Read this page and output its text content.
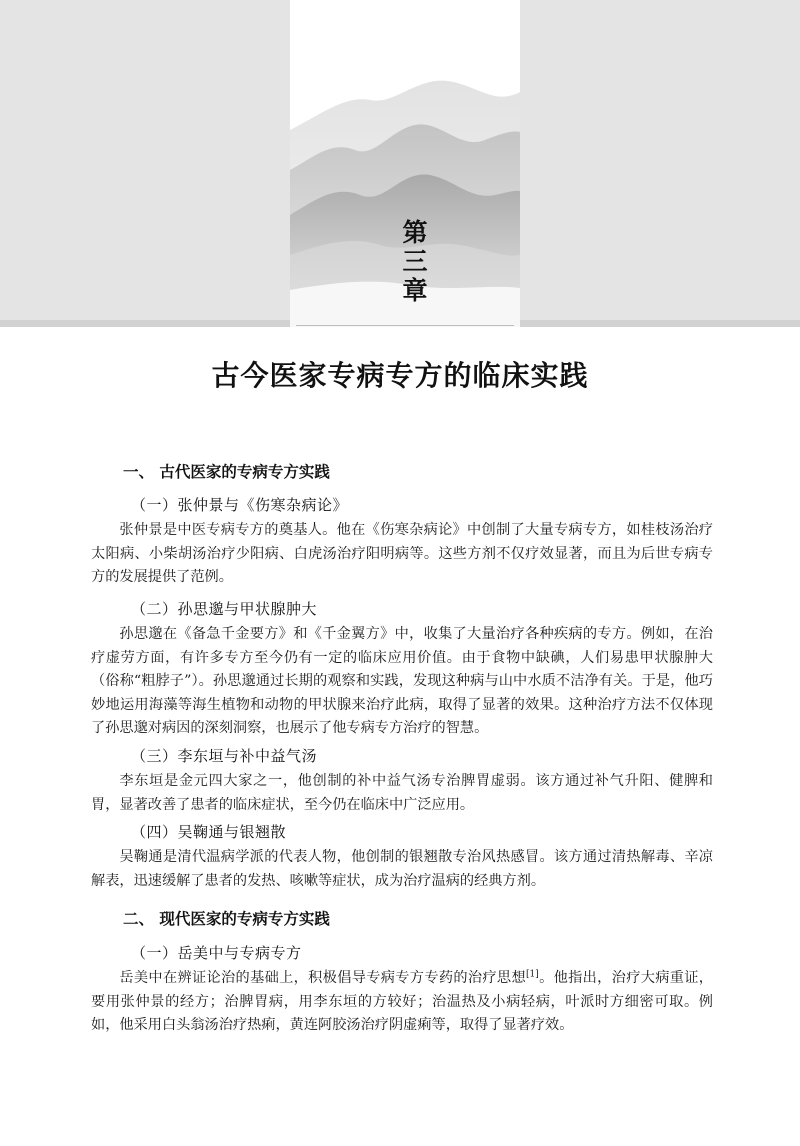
第三章
古今医家专病专方的临床实践
一、 古代医家的专病专方实践
（一）张仲景与《伤寒杂病论》

张仲景是中医专病专方的奠基人。他在《伤寒杂病论》中创制了大量专病专方，如桂枝汤治疗太阳病、小柴胡汤治疗少阳病、白虎汤治疗阳明病等。这些方剂不仅疗效显著，而且为后世专病专方的发展提供了范例。

（二）孙思邈与甲状腺肿大

孙思邈在《备急千金要方》和《千金翼方》中，收集了大量治疗各种疾病的专方。例如，在治疗虚劳方面，有许多专方至今仍有一定的临床应用价值。由于食物中缺碘，人们易患甲状腺肿大（俗称“粗脖子”）。孙思邈通过长期的观察和实践，发现这种病与山中水质不洁净有关。于是，他巧妙地运用海藻等海生植物和动物的甲状腺来治疗此病，取得了显著的效果。这种治疗方法不仅体现了孙思邈对病因的深刻洞察，也展示了他专病专方治疗的智慧。

（三）李东垣与补中益气汤

李东垣是金元四大家之一，他创制的补中益气汤专治脾胃虚弱。该方通过补气升阳、健脾和胃，显著改善了患者的临床症状，至今仍在临床中广泛应用。

（四）吴鞠通与银翘散

吴鞠通是清代温病学派的代表人物，他创制的银翘散专治风热感冒。该方通过清热解毒、辛凉解表，迅速缓解了患者的发热、咳嗽等症状，成为治疗温病的经典方剂。

二、 现代医家的专病专方实践
（一）岳美中与专病专方

岳美中在辨证论治的基础上，积极倡导专病专方专药的治疗思想[1]。他指出，治疗大病重证，要用张仲景的经方；治脾胃病，用李东垣的方较好；治温热及小病轻病，叶派时方细密可取。例如，他采用白头翁汤治疗热痢，黄连阿胶汤治疗阴虚痢等，取得了显著疗效。
